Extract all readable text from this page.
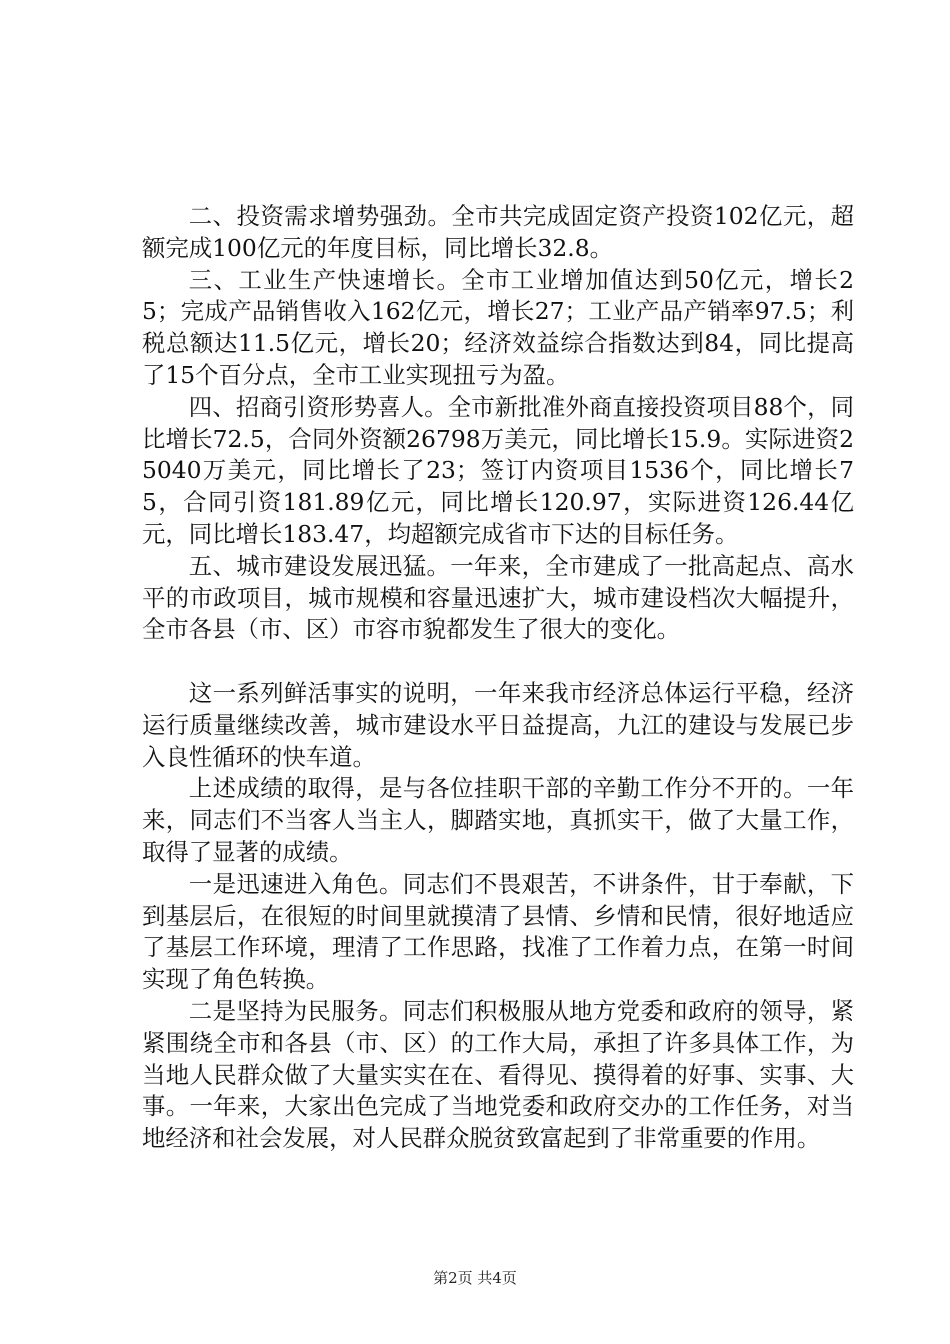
二、投资需求增势强劲。全市共完成固定资产投资102亿元，超额完成100亿元的年度目标，同比增长32.8。

三、工业生产快速增长。全市工业增加值达到50亿元，增长25；完成产品销售收入162亿元，增长27；工业产品产销率97.5；利税总额达11.5亿元，增长20；经济效益综合指数达到84，同比提高了15个百分点，全市工业实现扭亏为盈。

四、招商引资形势喜人。全市新批准外商直接投资项目88个，同比增长72.5，合同外资额26798万美元，同比增长15.9。实际进资25040万美元，同比增长了23；签订内资项目1536个，同比增长75，合同引资181.89亿元，同比增长120.97，实际进资126.44亿元，同比增长183.47，均超额完成省市下达的目标任务。

五、城市建设发展迅猛。一年来，全市建成了一批高起点、高水平的市政项目，城市规模和容量迅速扩大，城市建设档次大幅提升，全市各县（市、区）市容市貌都发生了很大的变化。

这一系列鲜活事实的说明，一年来我市经济总体运行平稳，经济运行质量继续改善，城市建设水平日益提高，九江的建设与发展已步入良性循环的快车道。

上述成绩的取得，是与各位挂职干部的辛勤工作分不开的。一年来，同志们不当客人当主人，脚踏实地，真抓实干，做了大量工作，取得了显著的成绩。

一是迅速进入角色。同志们不畏艰苦，不讲条件，甘于奉献，下到基层后，在很短的时间里就摸清了县情、乡情和民情，很好地适应了基层工作环境，理清了工作思路，找准了工作着力点，在第一时间实现了角色转换。

二是坚持为民服务。同志们积极服从地方党委和政府的领导，紧紧围绕全市和各县（市、区）的工作大局，承担了许多具体工作，为当地人民群众做了大量实实在在、看得见、摸得着的好事、实事、大事。一年来，大家出色完成了当地党委和政府交办的工作任务，对当地经济和社会发展，对人民群众脱贫致富起到了非常重要的作用。

第2页 共4页
